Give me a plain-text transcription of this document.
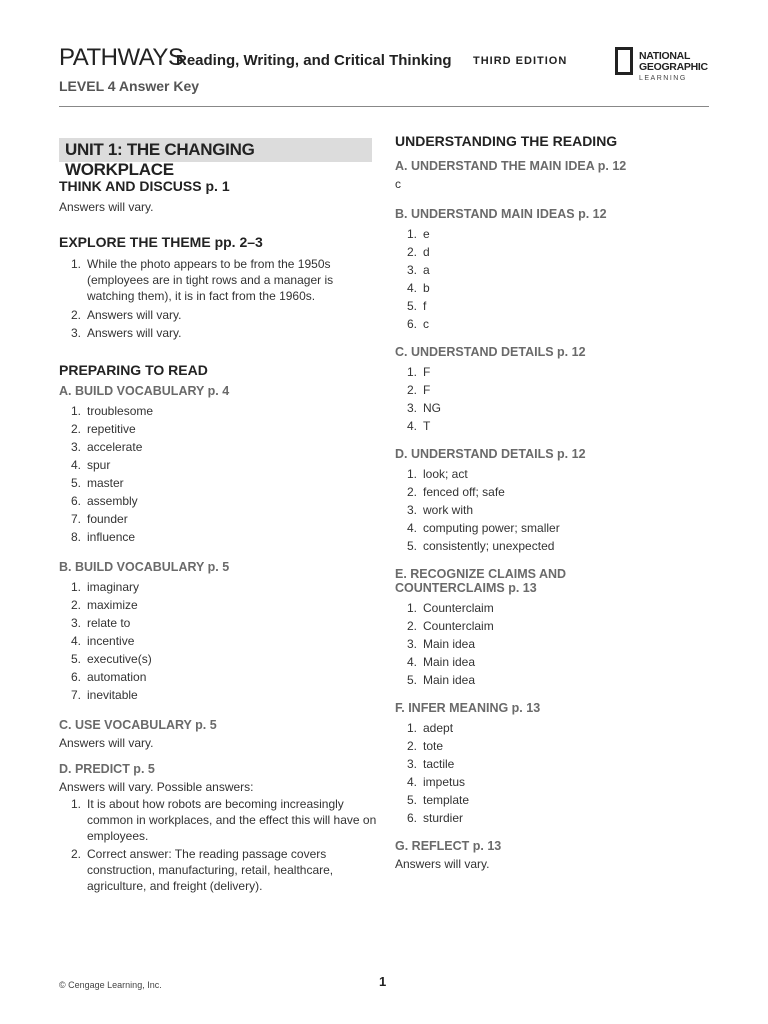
PATHWAYS
Reading, Writing, and Critical Thinking THIRD EDITION
LEVEL 4 Answer Key
NATIONAL
GEOGRAPHIC
LEARNING
UNIT 1: THE CHANGING WORKPLACE
THINK AND DISCUSS p. 1
Answers will vary.
EXPLORE THE THEME pp. 2–3
1. While the photo appears to be from the 1950s (employees are in tight rows and a manager is watching them), it is in fact from the 1960s.
2. Answers will vary.
3. Answers will vary.
PREPARING TO READ
A. BUILD VOCABULARY p. 4
1. troublesome
2. repetitive
3. accelerate
4. spur
5. master
6. assembly
7. founder
8. influence
B. BUILD VOCABULARY p. 5
1. imaginary
2. maximize
3. relate to
4. incentive
5. executive(s)
6. automation
7. inevitable
C. USE VOCABULARY p. 5
Answers will vary.
D. PREDICT p. 5
Answers will vary. Possible answers:
1. It is about how robots are becoming increasingly common in workplaces, and the effect this will have on employees.
2. Correct answer: The reading passage covers construction, manufacturing, retail, healthcare, agriculture, and freight (delivery).
UNDERSTANDING THE READING
A. UNDERSTAND THE MAIN IDEA p. 12
c
B. UNDERSTAND MAIN IDEAS p. 12
1. e
2. d
3. a
4. b
5. f
6. c
C. UNDERSTAND DETAILS p. 12
1. F
2. F
3. NG
4. T
D. UNDERSTAND DETAILS p. 12
1. look; act
2. fenced off; safe
3. work with
4. computing power; smaller
5. consistently; unexpected
E. RECOGNIZE CLAIMS AND
COUNTERCLAIMS p. 13
1. Counterclaim
2. Counterclaim
3. Main idea
4. Main idea
5. Main idea
F. INFER MEANING p. 13
1. adept
2. tote
3. tactile
4. impetus
5. template
6. sturdier
G. REFLECT p. 13
Answers will vary.
© Cengage Learning, Inc.	1
